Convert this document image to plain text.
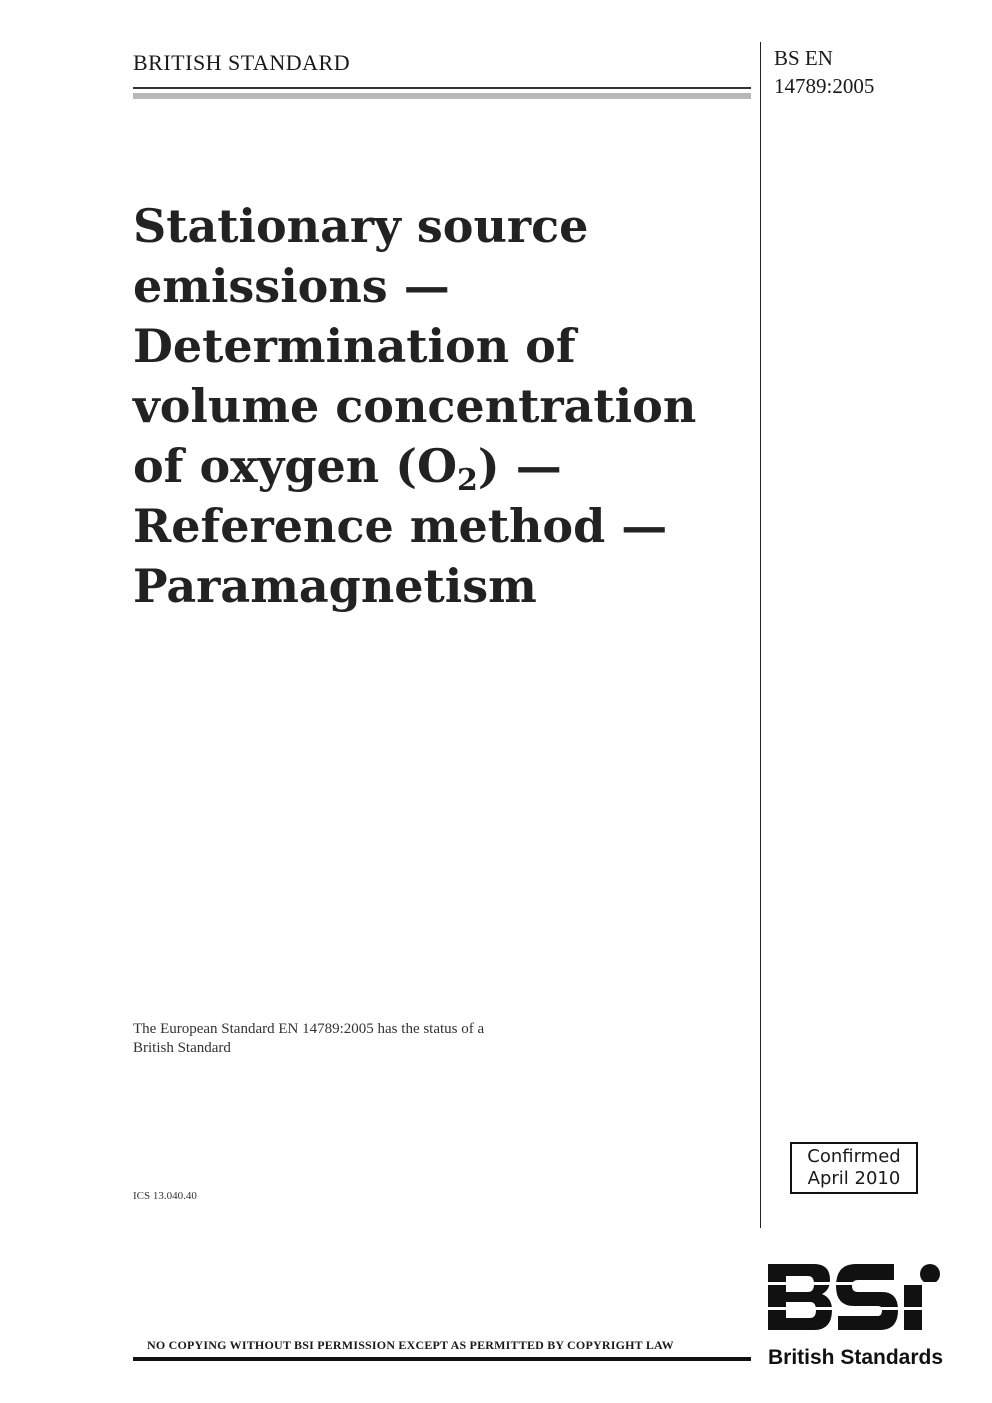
BRITISH STANDARD	BS EN
14789:2005
Stationary source
emissions —
Determination of
volume concentration
of oxygen $(O_2)$ —
Reference method —
Paramagnetism
The European Standard EN 14789:2005 has the status of a
British Standard
ICS 13.040.40
Confirmed
April 2010
NO COPYING WITHOUT BSI PERMISSION EXCEPT AS PERMITTED BY COPYRIGHT LAW
British Standards
